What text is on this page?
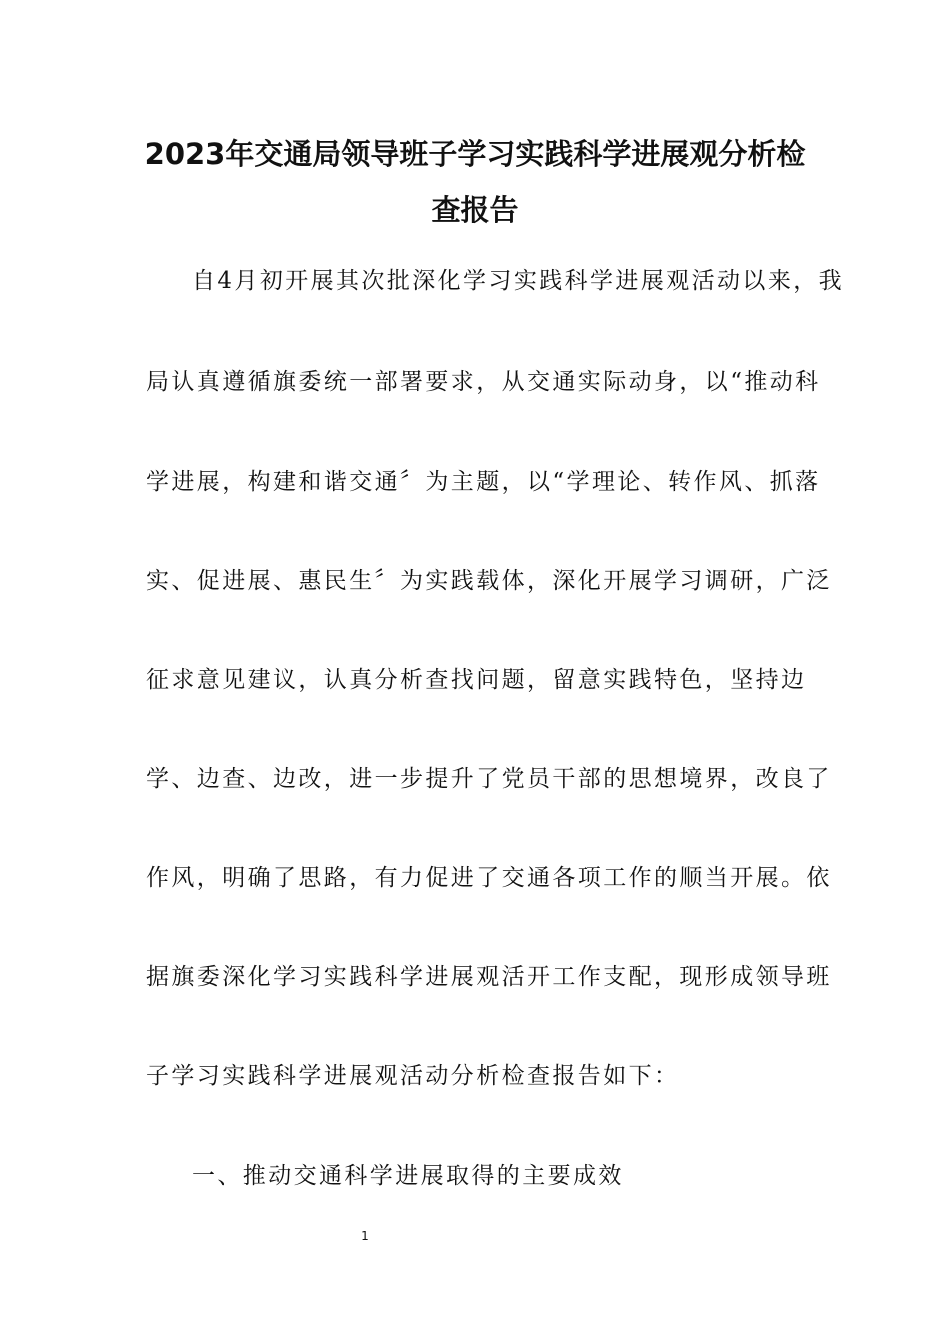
2023年交通局领导班子学习实践科学进展观分析检
查报告
自4月初开展其次批深化学习实践科学进展观活动以来，我
局认真遵循旗委统一部署要求，从交通实际动身，以“推动科
学进展，构建和谐交通〞为主题，以“学理论、转作风、抓落
实、促进展、惠民生〞为实践载体，深化开展学习调研，广泛
征求意见建议，认真分析查找问题，留意实践特色，坚持边
学、边查、边改，进一步提升了党员干部的思想境界，改良了
作风，明确了思路，有力促进了交通各项工作的顺当开展。依
据旗委深化学习实践科学进展观活开工作支配，现形成领导班
子学习实践科学进展观活动分析检查报告如下：
一、推动交通科学进展取得的主要成效
1
